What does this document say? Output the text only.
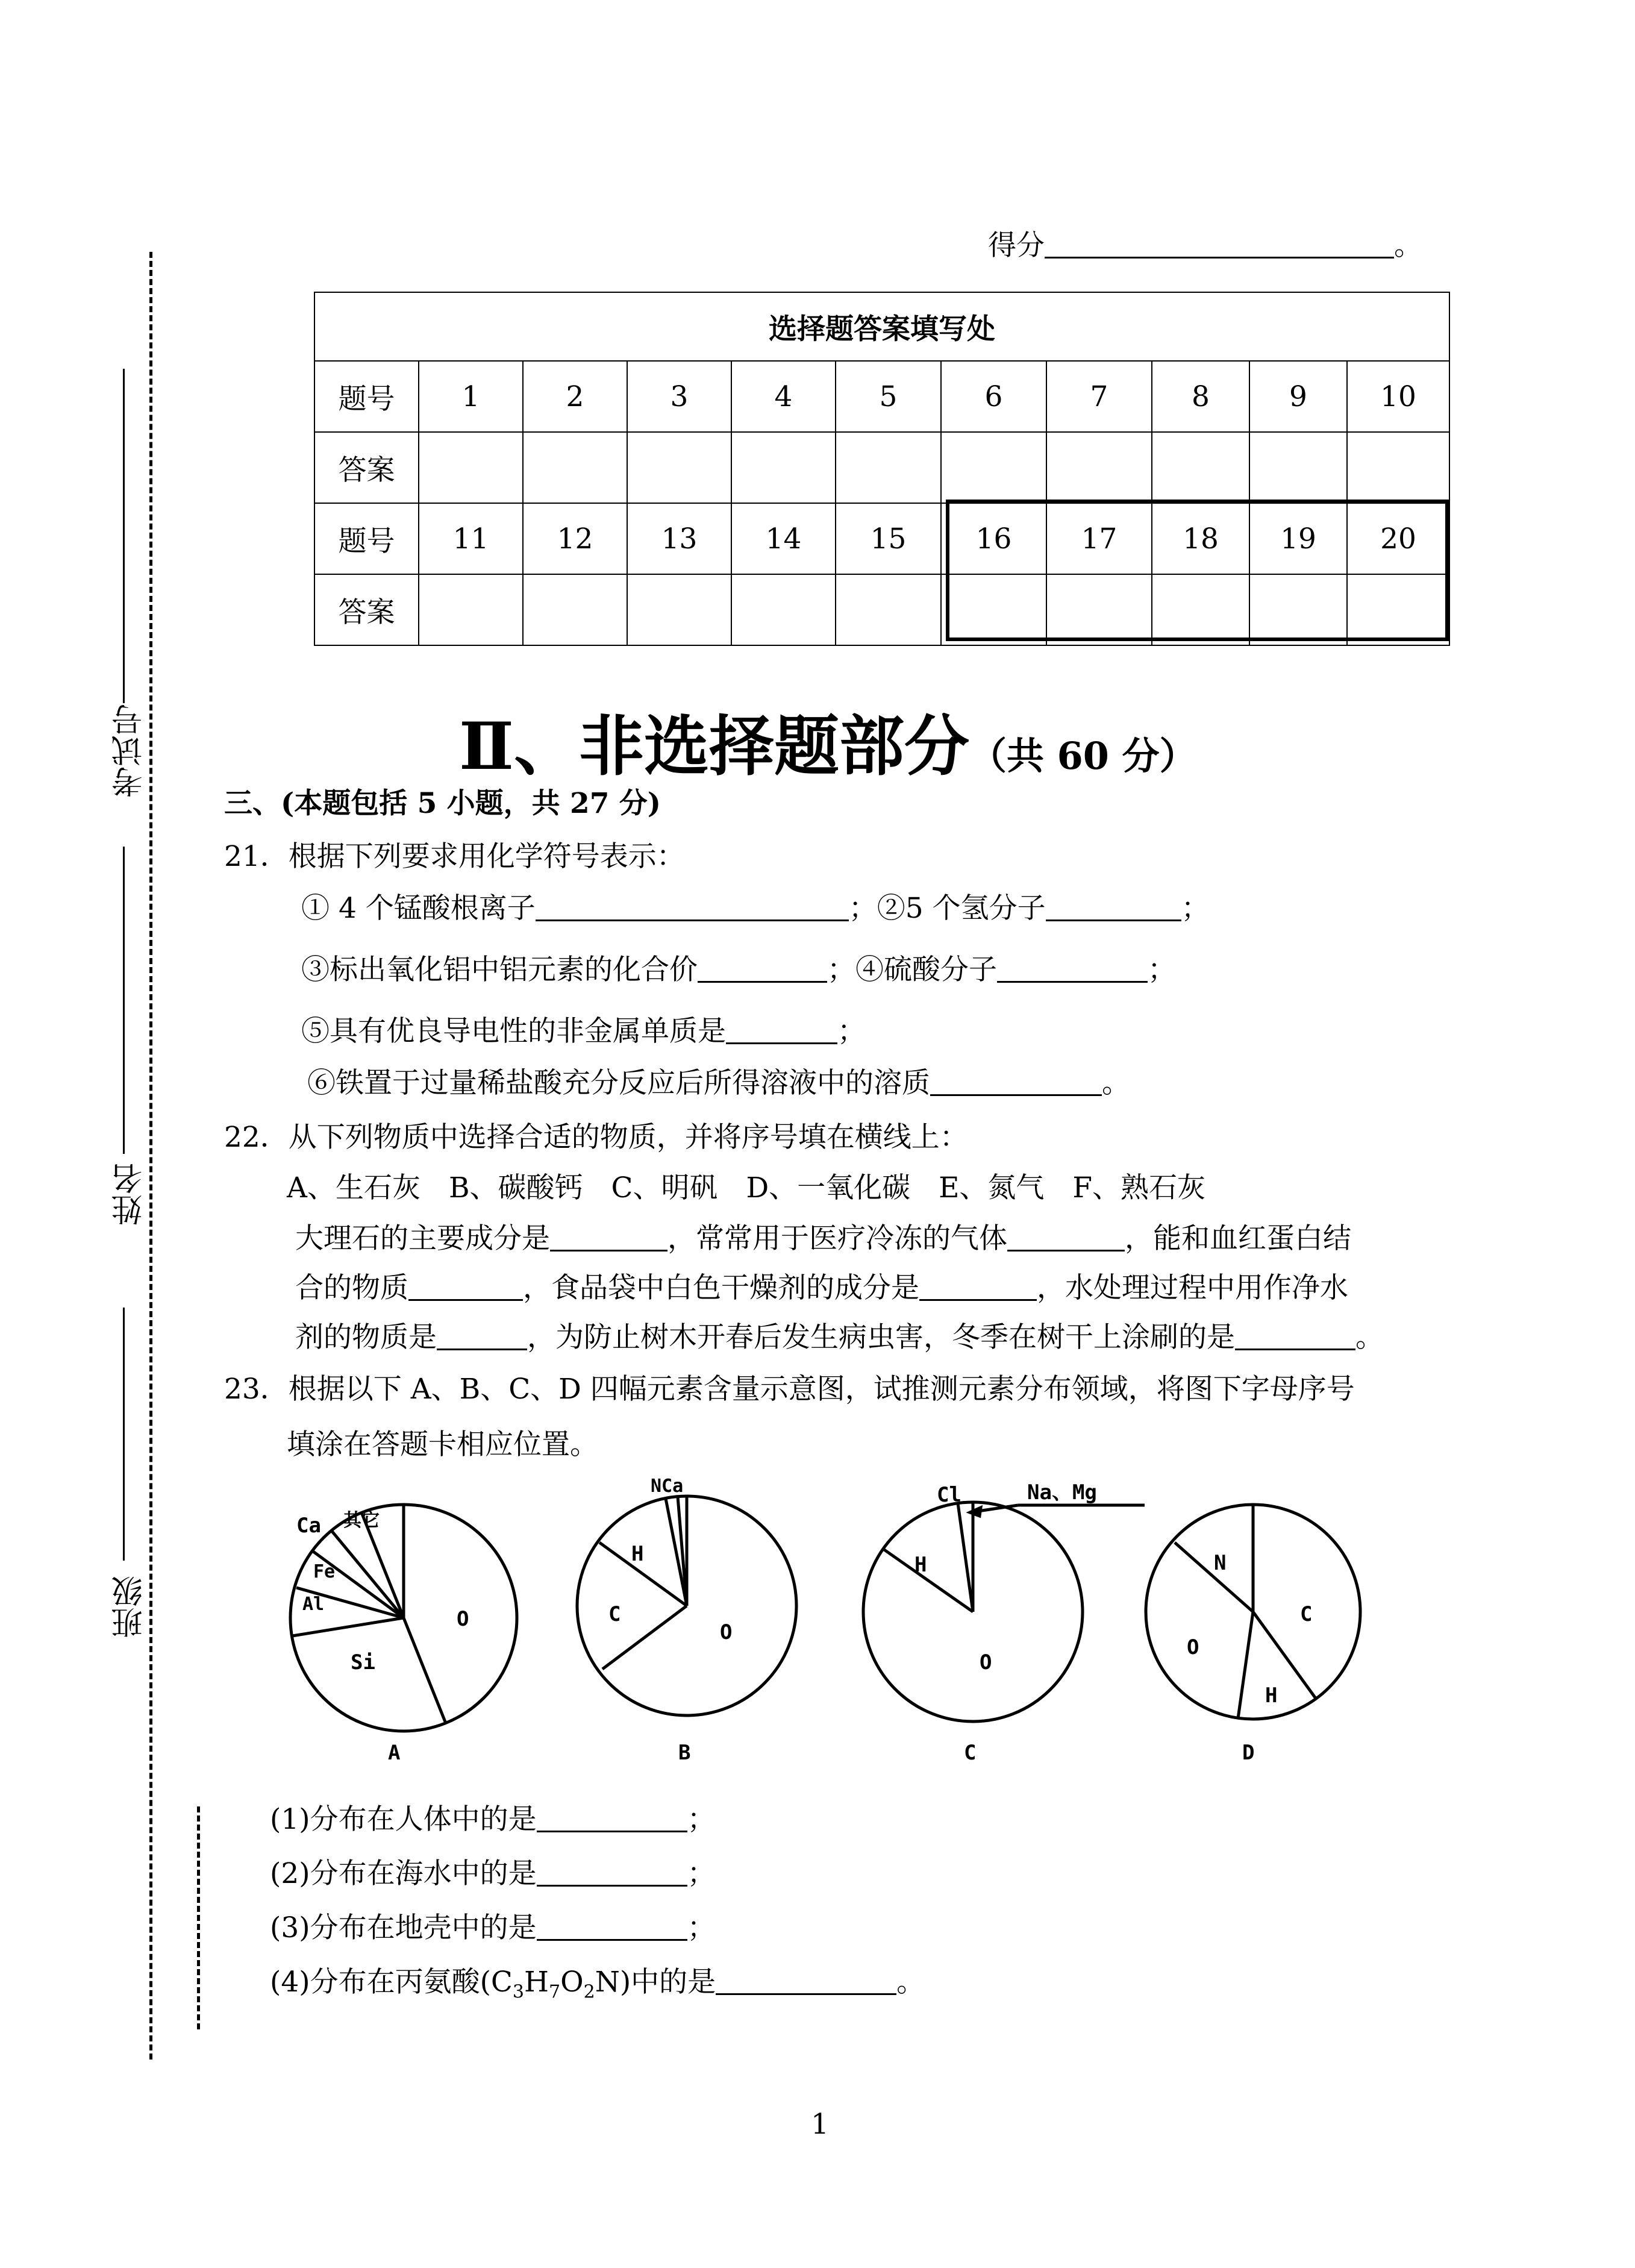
考试号
姓名
班级
得分	。
选择题答案填写处										
题号	1	2	3	4	5	6	7	8	9	10
答案										
题号	11	12	13	14	15	16	17	18	19	20
答案										
Ⅱ、非选择题部分（共 60 分）
三、(本题包括 5 小题，共 27 分)
21．根据下列要求用化学符号表示：
① 4 个锰酸根离子	；②5 个氢分子	；
③标出氧化铝中铝元素的化合价	；④硫酸分子	；
⑤具有优良导电性的非金属单质是	；
⑥铁置于过量稀盐酸充分反应后所得溶液中的溶质	。
22．从下列物质中选择合适的物质，并将序号填在横线上：
A、生石灰　B、碳酸钙　C、明矾　D、一氧化碳　E、氮气　F、熟石灰
大理石的主要成分是	，常常用于医疗冷冻的气体	，能和血红蛋白结
合的物质	，食品袋中白色干燥剂的成分是	，水处理过程中用作净水
剂的物质是	，为防止树木开春后发生病虫害，冬季在树干上涂刷的是	。
23．根据以下 A、B、C、D 四幅元素含量示意图，试推测元素分布领域，将图下字母序号
填涂在答题卡相应位置。
Ca 其它
Fe
Al
Si
O
A
NCa
H
C
O
B
Cl	Na、Mg
H
O
C
N
C
O
H
D
(1)分布在人体中的是	；
(2)分布在海水中的是	；
(3)分布在地壳中的是	；
(4)分布在丙氨酸$(C_3H_7O_2N)$中的是	。
1
